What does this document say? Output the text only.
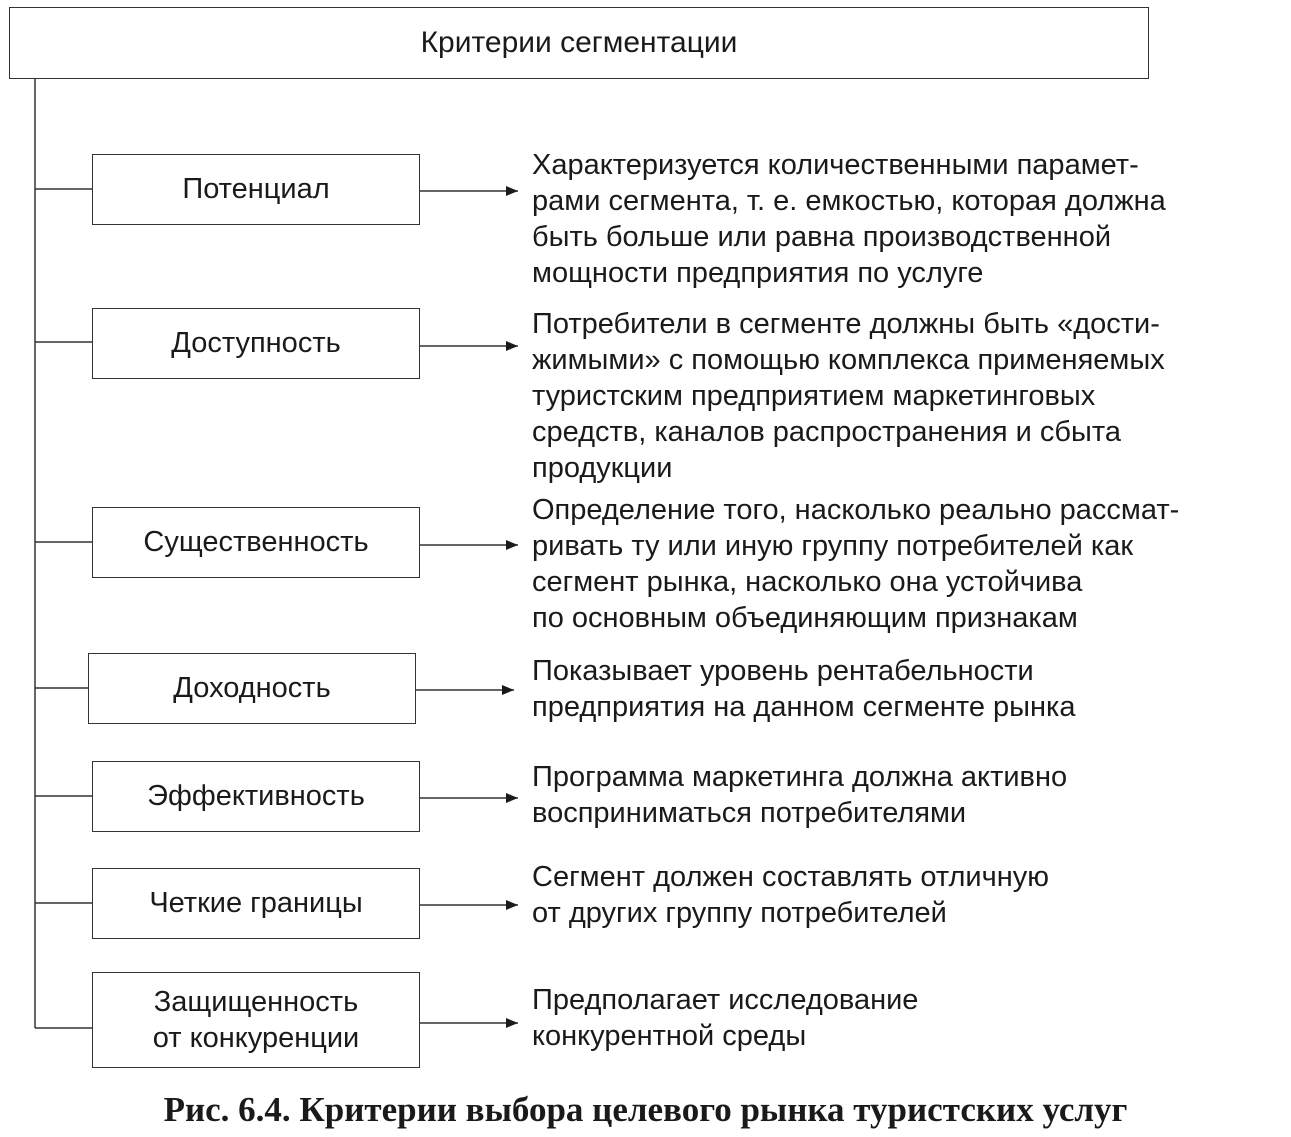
Критерии сегментации
Потенциал
Характеризуется количественными парамет-
рами сегмента, т. е. емкостью, которая должна
быть больше или равна производственной
мощности предприятия по услуге
Доступность
Потребители в сегменте должны быть «дости-
жимыми» с помощью комплекса применяемых
туристским предприятием маркетинговых
средств, каналов распространения и сбыта
продукции
Существенность
Определение того, насколько реально рассмат-
ривать ту или иную группу потребителей как
сегмент рынка, насколько она устойчива
по основным объединяющим признакам
Доходность
Показывает уровень рентабельности
предприятия на данном сегменте рынка
Эффективность
Программа маркетинга должна активно
восприниматься потребителями
Четкие границы
Сегмент должен составлять отличную
от других группу потребителей
Защищенность
от конкуренции
Предполагает исследование
конкурентной среды
Рис. 6.4. Критерии выбора целевого рынка туристских услуг
